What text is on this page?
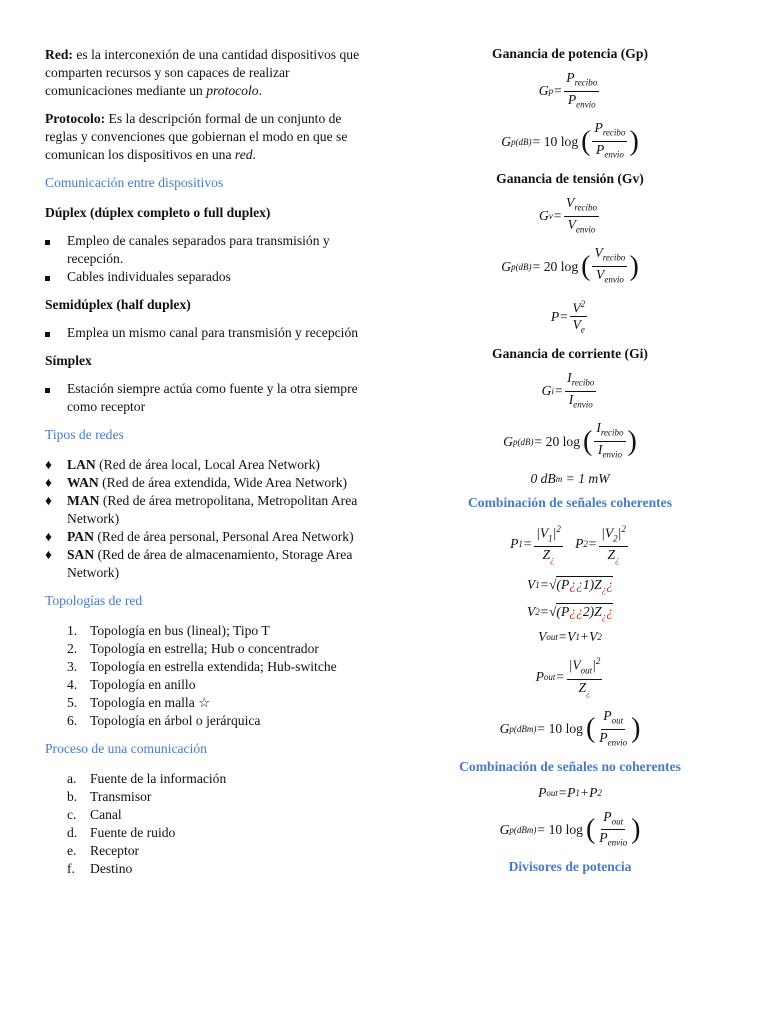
Red: es la interconexión de una cantidad dispositivos que comparten recursos y son capaces de realizar comunicaciones mediante un protocolo.

Protocolo: Es la descripción formal de un conjunto de reglas y convenciones que gobiernan el modo en que se comunican los dispositivos en una red.

Comunicación entre dispositivos

Dúplex (dúplex completo o full duplex)

Empleo de canales separados para transmisión y recepción.
Cables individuales separados

Semidúplex (half duplex)

Emplea un mismo canal para transmisión y recepción

Símplex

Estación siempre actúa como fuente y la otra siempre como receptor

Tipos de redes

♦	LAN (Red de área local, Local Area Network)
♦	WAN (Red de área extendida, Wide Area Network)
♦	MAN (Red de área metropolitana, Metropolitan Area Network)
♦	PAN (Red de área personal, Personal Area Network)
♦	SAN (Red de área de almacenamiento, Storage Area Network)

Topologías de red

1. Topología en bus (lineal); Tipo T
2. Topología en estrella; Hub o concentrador
3. Topología en estrella extendida; Hub-switche
4. Topología en anillo
5. Topología en malla ☆
6. Topología en árbol o jerárquica

Proceso de una comunicación

a. Fuente de la información
b. Transmisor
c. Canal
d. Fuente de ruido
e. Receptor
f.	Destino
Ganancia de potencia (Gp)
G $p = \frac{P_{recibo}}{P_{envio}}$
G p(dB) = 10 log ( $\frac{P_{recibo}}{P_{envio}}$ )
Ganancia de tensión (Gv)
G $v = \frac{V_{recibo}}{V_{envio}}$
G p(dB) = 20 log ( $\frac{V_{recibo}}{V_{envio}}$ )
$P = \frac{V^2}{V_e}$
Ganancia de corriente (Gi)
G $i = \frac{I_{recibo}}{I_{envio}}$
G p(dB) = 20 log ( $\frac{I_{recibo}}{I_{envio}}$ )
0 dB m
= 1 mW
Combinación de señales coherentes
P $1 = \frac{|V_1|^2}{Z_¿}$
P $2 = \frac{|V_2|^2}{Z_¿}$
V 1 = √ $(P¿¿1)Z_¿¿$
V 2 = √ $(P¿¿2)Z_¿¿$
V out = V 1 + V 2
P out = $\frac{|V_{out}|^2}{Z_¿}$
G p(dBm) = 10 log ( $\frac{P_{out}}{P_{envio}}$ )
Combinación de señales no coherentes
P out = P 1 + P 2
G p(dBm) = 10 log ( $\frac{P_{out}}{P_{envio}}$ )
Divisores de potencia
